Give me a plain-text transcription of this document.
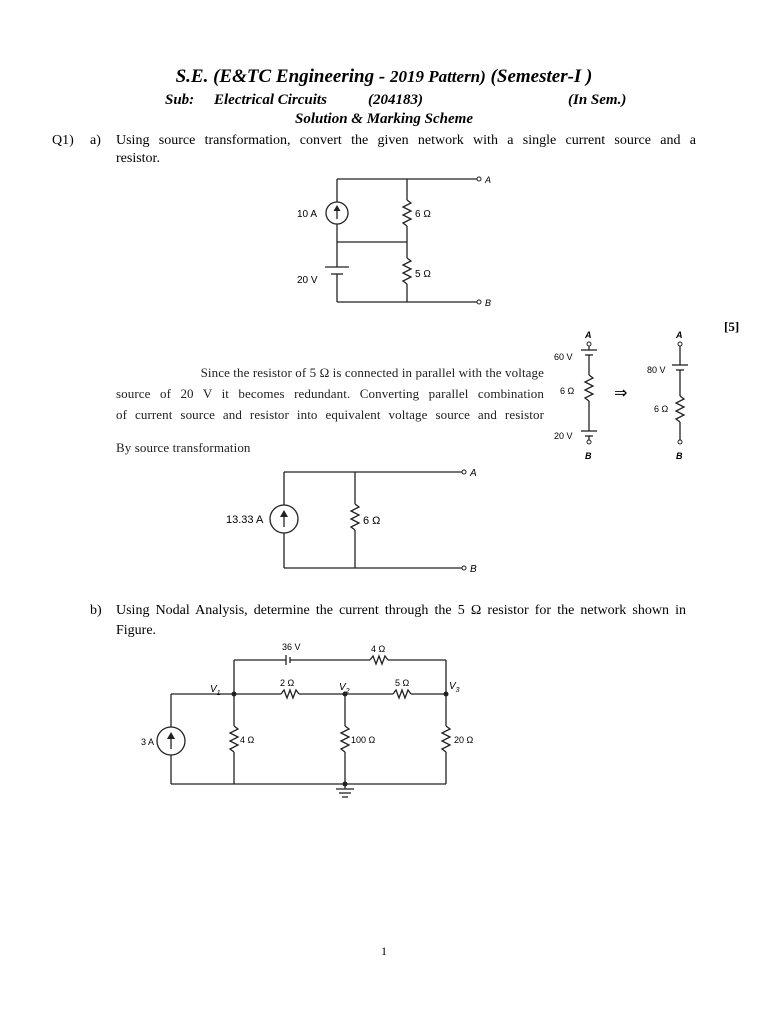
S.E. (E&TC Engineering - 2019 Pattern) (Semester-I )
Sub: Electrical Circuits	(204183)	(In Sem.)
Solution & Marking Scheme
Q1) a) Using source transformation, convert the given network with a single current source and a
resistor.
10 A
20 V
6 Ω
5 Ω
A
B
[5]
Since the resistor of 5 Ω is connected in parallel with the voltage
source of 20 V it becomes redundant. Converting parallel combination
of current source and resistor into equivalent voltage source and resistor
By source transformation
A
60 V
6 Ω
20 V
B
⇒
A
80 V
6 Ω
B
13.33 A	6 Ω
A
B
b) Using Nodal Analysis, determine the current through the 5 Ω resistor for the network shown in
Figure.
36 V	4 Ω
2 Ω	5 Ω
$V_1$
$V_2$	$V_3$
3 A	4 Ω	100 Ω	20 Ω
1
